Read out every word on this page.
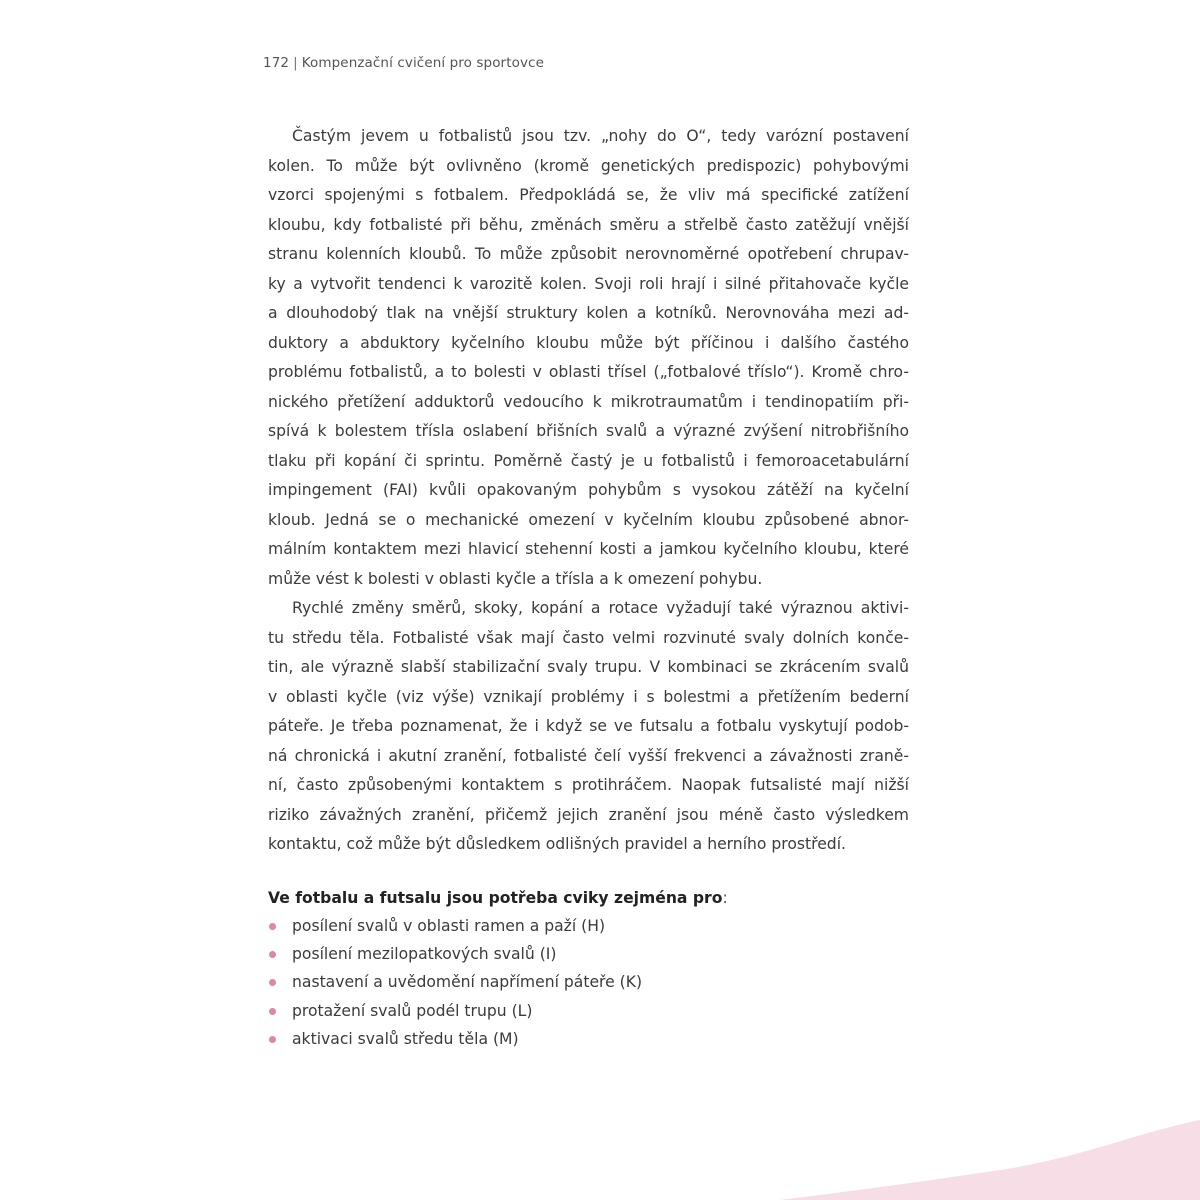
172 | Kompenzační cvičení pro sportovce
Častým jevem u fotbalistů jsou tzv. „nohy do O“, tedy varózní postavení
kolen. To může být ovlivněno (kromě genetických predispozic) pohybovými
vzorci spojenými s fotbalem. Předpokládá se, že vliv má specifické zatížení
kloubu, kdy fotbalisté při běhu, změnách směru a střelbě často zatěžují vnější
stranu kolenních kloubů. To může způsobit nerovnoměrné opotřebení chrupav-
ky a vytvořit tendenci k varozitě kolen. Svoji roli hrají i silné přitahovače kyčle
a dlouhodobý tlak na vnější struktury kolen a kotníků. Nerovnováha mezi ad-
duktory a abduktory kyčelního kloubu může být příčinou i dalšího častého
problému fotbalistů, a to bolesti v oblasti třísel („fotbalové tříslo“). Kromě chro-
nického přetížení adduktorů vedoucího k mikrotraumatům i tendinopatiím při-
spívá k bolestem třísla oslabení břišních svalů a výrazné zvýšení nitrobřišního
tlaku při kopání či sprintu. Poměrně častý je u fotbalistů i femoroacetabulární
impingement (FAI) kvůli opakovaným pohybům s vysokou zátěží na kyčelní
kloub. Jedná se o mechanické omezení v kyčelním kloubu způsobené abnor-
málním kontaktem mezi hlavicí stehenní kosti a jamkou kyčelního kloubu, které
může vést k bolesti v oblasti kyčle a třísla a k omezení pohybu.
Rychlé změny směrů, skoky, kopání a rotace vyžadují také výraznou aktivi-
tu středu těla. Fotbalisté však mají často velmi rozvinuté svaly dolních konče-
tin, ale výrazně slabší stabilizační svaly trupu. V kombinaci se zkrácením svalů
v oblasti kyčle (viz výše) vznikají problémy i s bolestmi a přetížením bederní
páteře. Je třeba poznamenat, že i když se ve futsalu a fotbalu vyskytují podob-
ná chronická i akutní zranění, fotbalisté čelí vyšší frekvenci a závažnosti zraně-
ní, často způsobenými kontaktem s protihráčem. Naopak futsalisté mají nižší
riziko závažných zranění, přičemž jejich zranění jsou méně často výsledkem
kontaktu, což může být důsledkem odlišných pravidel a herního prostředí.
Ve fotbalu a futsalu jsou potřeba cviky zejména pro:
posílení svalů v oblasti ramen a paží (H)
posílení mezilopatkových svalů (I)
nastavení a uvědomění napřímení páteře (K)
protažení svalů podél trupu (L)
aktivaci svalů středu těla (M)
